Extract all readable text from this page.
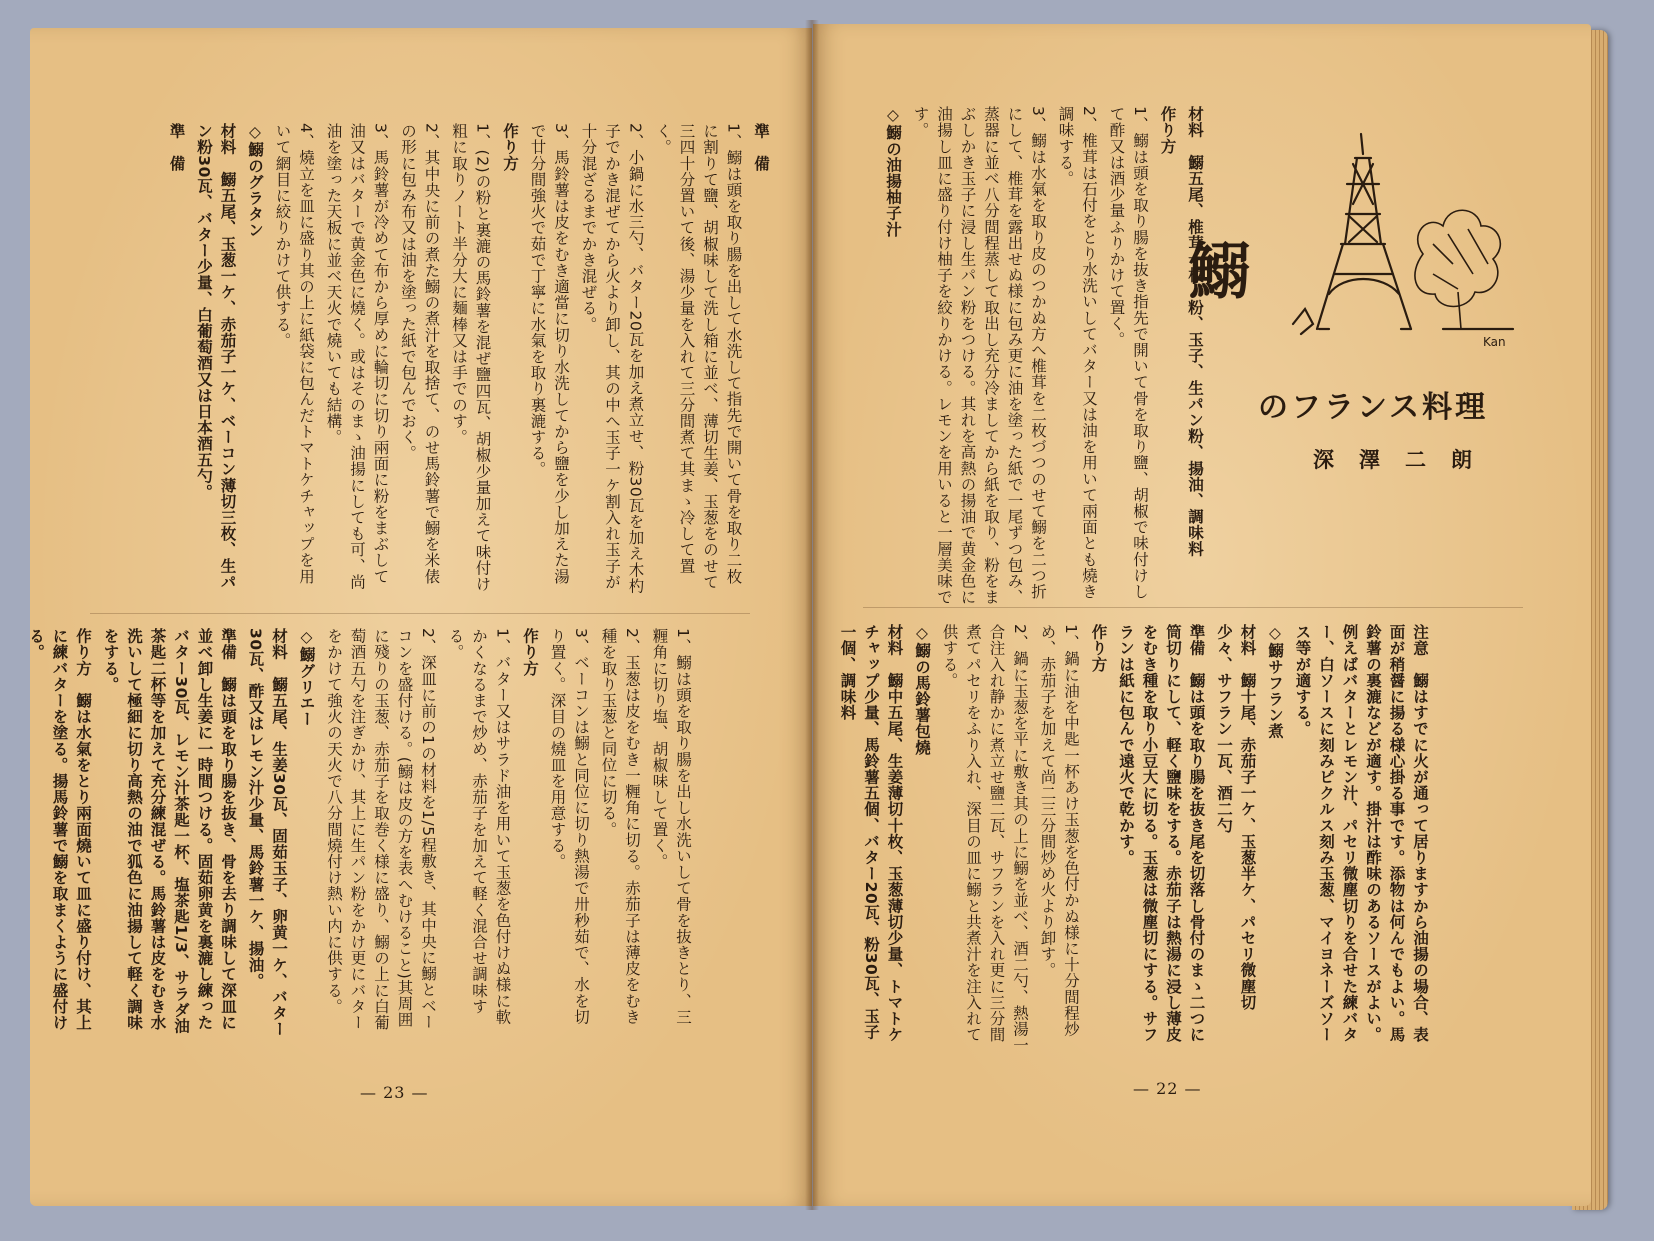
準　備
1、鰯は頭を取り腸を出して水洗して指先で開いて骨を取り二枚に割りて鹽、胡椒味して洗し箱に並べ、薄切生姜、玉葱をのせて三四十分置いて後、湯少量を入れて三分間煮て其まゝ冷して置く。
2、小鍋に水三勺、バター20瓦を加え煮立せ、粉30瓦を加え木杓子でかき混ぜてから火より卸し、其の中へ玉子一ケ割入れ玉子が十分混ざるまでかき混ぜる。
3、馬鈴薯は皮をむき適當に切り水洗してから鹽を少し加えた湯で廿分間強火で茹で丁寧に水氣を取り裏漉する。
作り方
1、(2)の粉と裏漉の馬鈴薯を混ぜ鹽四瓦、胡椒少量加えて味付け粗に取りノート半分大に麺棒又は手でのす。
2、其中央に前の煮た鰯の煮汁を取捨て、のせ馬鈴薯で鰯を米俵の形に包み布又は油を塗った紙で包んでおく。
3、馬鈴薯が冷めて布から厚めに輪切に切り兩面に粉をまぶして油又はバターで黄金色に燒く。或はそのまゝ油揚にしても可、尚油を塗った天板に並べ天火で燒いても結構。
4、燒立を皿に盛り其の上に紙袋に包んだトマトケチャップを用いて網目に絞りかけて供する。
◇鰯のグラタン
材料　鰯五尾、玉葱一ケ、赤茄子一ケ、ベーコン薄切三枚、生パン粉30瓦、バター少量、白葡萄酒又は日本酒五勺。
準　備
1、鰯は頭を取り腸を出し水洗いして骨を抜きとり、三糎角に切り塩、胡椒味して置く。
2、玉葱は皮をむき一糎角に切る。赤茄子は薄皮をむき種を取り玉葱と同位に切る。
3、ベーコンは鰯と同位に切り熱湯で卅秒茹で、水を切り置く。深目の燒皿を用意する。
作り方
1、バター又はサラド油を用いて玉葱を色付けぬ様に軟かくなるまで炒め、赤茄子を加えて軽く混合せ調味する。
2、深皿に前の1の材料を1/5程敷き、其中央に鰯とベーコンを盛付ける。(鰯は皮の方を表へむけること)其周囲に殘りの玉葱、赤茄子を取巻く様に盛り、鰯の上に白葡萄酒五勺を注ぎかけ、其上に生パン粉をかけ更にバターをかけて強火の天火で八分間燒付け熱い内に供する。
◇鰯グリエー
材料　鰯五尾、生姜30瓦、固茹玉子、卵黄一ケ、バター30瓦、酢又はレモン汁少量、馬鈴薯一ケ、揚油。
準備　鰯は頭を取り腸を抜き、骨を去り調味して深皿に並べ卸し生姜に一時間つける。固茹卵黄を裏漉し練ったバター30瓦、レモン汁茶匙一杯、塩茶匙1/3、サラダ油茶匙二杯等を加えて充分練混ぜる。馬鈴薯は皮をむき水洗いして極細に切り高熱の油で狐色に油揚して軽く調味をする。
作り方　鰯は水氣をとり兩面燒いて皿に盛り付け、其上に練バターを塗る。揚馬鈴薯で鰯を取まくように盛付ける。
— 23 —
材料　鰯五尾、椎茸十枚、粉、玉子、生パン粉、揚油、調味料
作り方
1、鰯は頭を取り腸を抜き指先で開いて骨を取り鹽、胡椒で味付けして酢又は酒少量ふりかけて置く。
2、椎茸は石付をとり水洗いしてバター又は油を用いて兩面とも燒き調味する。
3、鰯は水氣を取り皮のつかぬ方へ椎茸を二枚づつのせて鰯を二つ折にして、椎茸を露出せぬ様に包み更に油を塗った紙で一尾ずつ包み、蒸器に並べ八分間程蒸して取出し充分冷ましてから紙を取り、粉をまぶしかき玉子に浸し生パン粉をつける。其れを高熱の揚油で黄金色に油揚し皿に盛り付け柚子を絞りかける。レモンを用いると一層美味です。
◇鰯の油揚柚子汁
鰯
のフランス料理
深　澤　二　朗
Kan
注意　鰯はすでに火が通って居りますから油揚の場合、表面が稍醤に揚る様心掛る事です。添物は何んでもよい。馬鈴薯の裏漉などが適す。掛汁は酢味のあるソースがよい。例えばバターとレモン汁、パセリ微塵切りを合せた練バター、白ソースに刻みピクルス刻み玉葱、マイヨネーズソース等が適する。
◇鰯サフラン煮
材料　鰯十尾、赤茄子一ケ、玉葱半ケ、パセリ微塵切少々、サフラン一瓦、酒二勺
準備　鰯は頭を取り腸を抜き尾を切落し骨付のまゝ二つに筒切りにして、軽く鹽味をする。赤茄子は熱湯に浸し薄皮をむき種を取り小豆大に切る。玉葱は微塵切にする。サフランは紙に包んで遠火で乾かす。
作り方
1、鍋に油を中匙一杯あけ玉葱を色付かぬ様に十分間程炒め、赤茄子を加えて尚二三分間炒め火より卸す。
2、鍋に玉葱を平に敷き其の上に鰯を並べ、酒二勺、熱湯一合注入れ静かに煮立せ鹽二瓦、サフランを入れ更に三分間煮てパセリをふり入れ、深目の皿に鰯と共煮汁を注入れて供する。
◇鰯の馬鈴薯包燒
材料　鰯中五尾、生姜薄切十枚、玉葱薄切少量、トマトケチャップ少量、馬鈴薯五個、バター20瓦、粉30瓦、玉子一個、調味料
— 22 —
